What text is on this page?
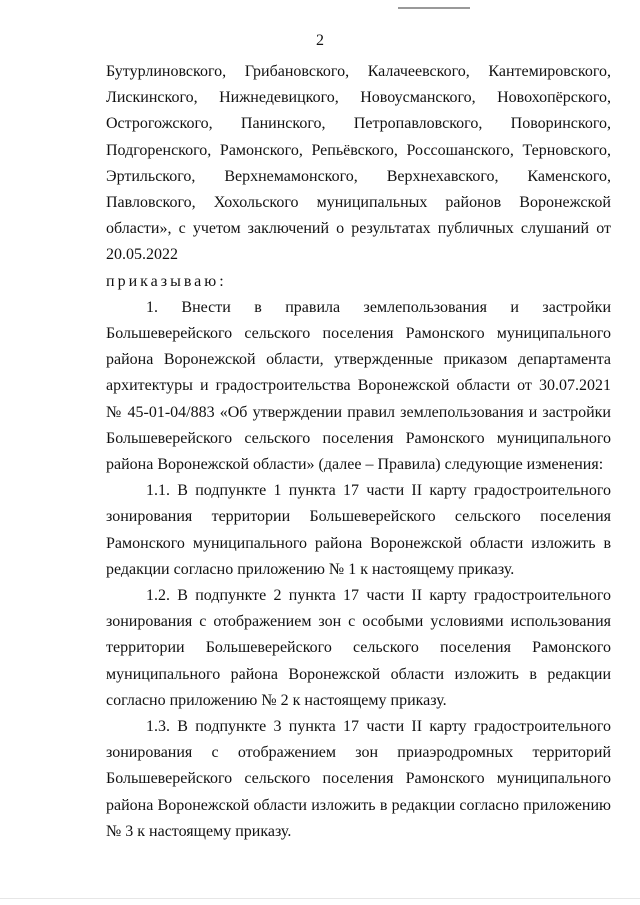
2

Бутурлиновского, Грибановского, Калачеевского, Кантемировского, Лискинского, Нижнедевицкого, Новоусманского, Новохопёрского, Острогожского, Панинского, Петропавловского, Поворинского, Подгоренского, Рамонского, Репьёвского, Россошанского, Терновского, Эртильского, Верхнемамонского, Верхнехавского, Каменского, Павловского, Хохольского муниципальных районов Воронежской области», с учетом заключений о результатах публичных слушаний от 20.05.2022

приказываю:

1. Внести в правила землепользования и застройки Большеверейского сельского поселения Рамонского муниципального района Воронежской области, утвержденные приказом департамента архитектуры и градостроительства Воронежской области от 30.07.2021 № 45-01-04/883 «Об утверждении правил землепользования и застройки Большеверейского сельского поселения Рамонского муниципального района Воронежской области» (далее – Правила) следующие изменения:

1.1. В подпункте 1 пункта 17 части II карту градостроительного зонирования территории Большеверейского сельского поселения Рамонского муниципального района Воронежской области изложить в редакции согласно приложению № 1 к настоящему приказу.

1.2. В подпункте 2 пункта 17 части II карту градостроительного зонирования с отображением зон с особыми условиями использования территории Большеверейского сельского поселения Рамонского муниципального района Воронежской области изложить в редакции согласно приложению № 2 к настоящему приказу.

1.3. В подпункте 3 пункта 17 части II карту градостроительного зонирования с отображением зон приаэродромных территорий Большеверейского сельского поселения Рамонского муниципального района Воронежской области изложить в редакции согласно приложению № 3 к настоящему приказу.
